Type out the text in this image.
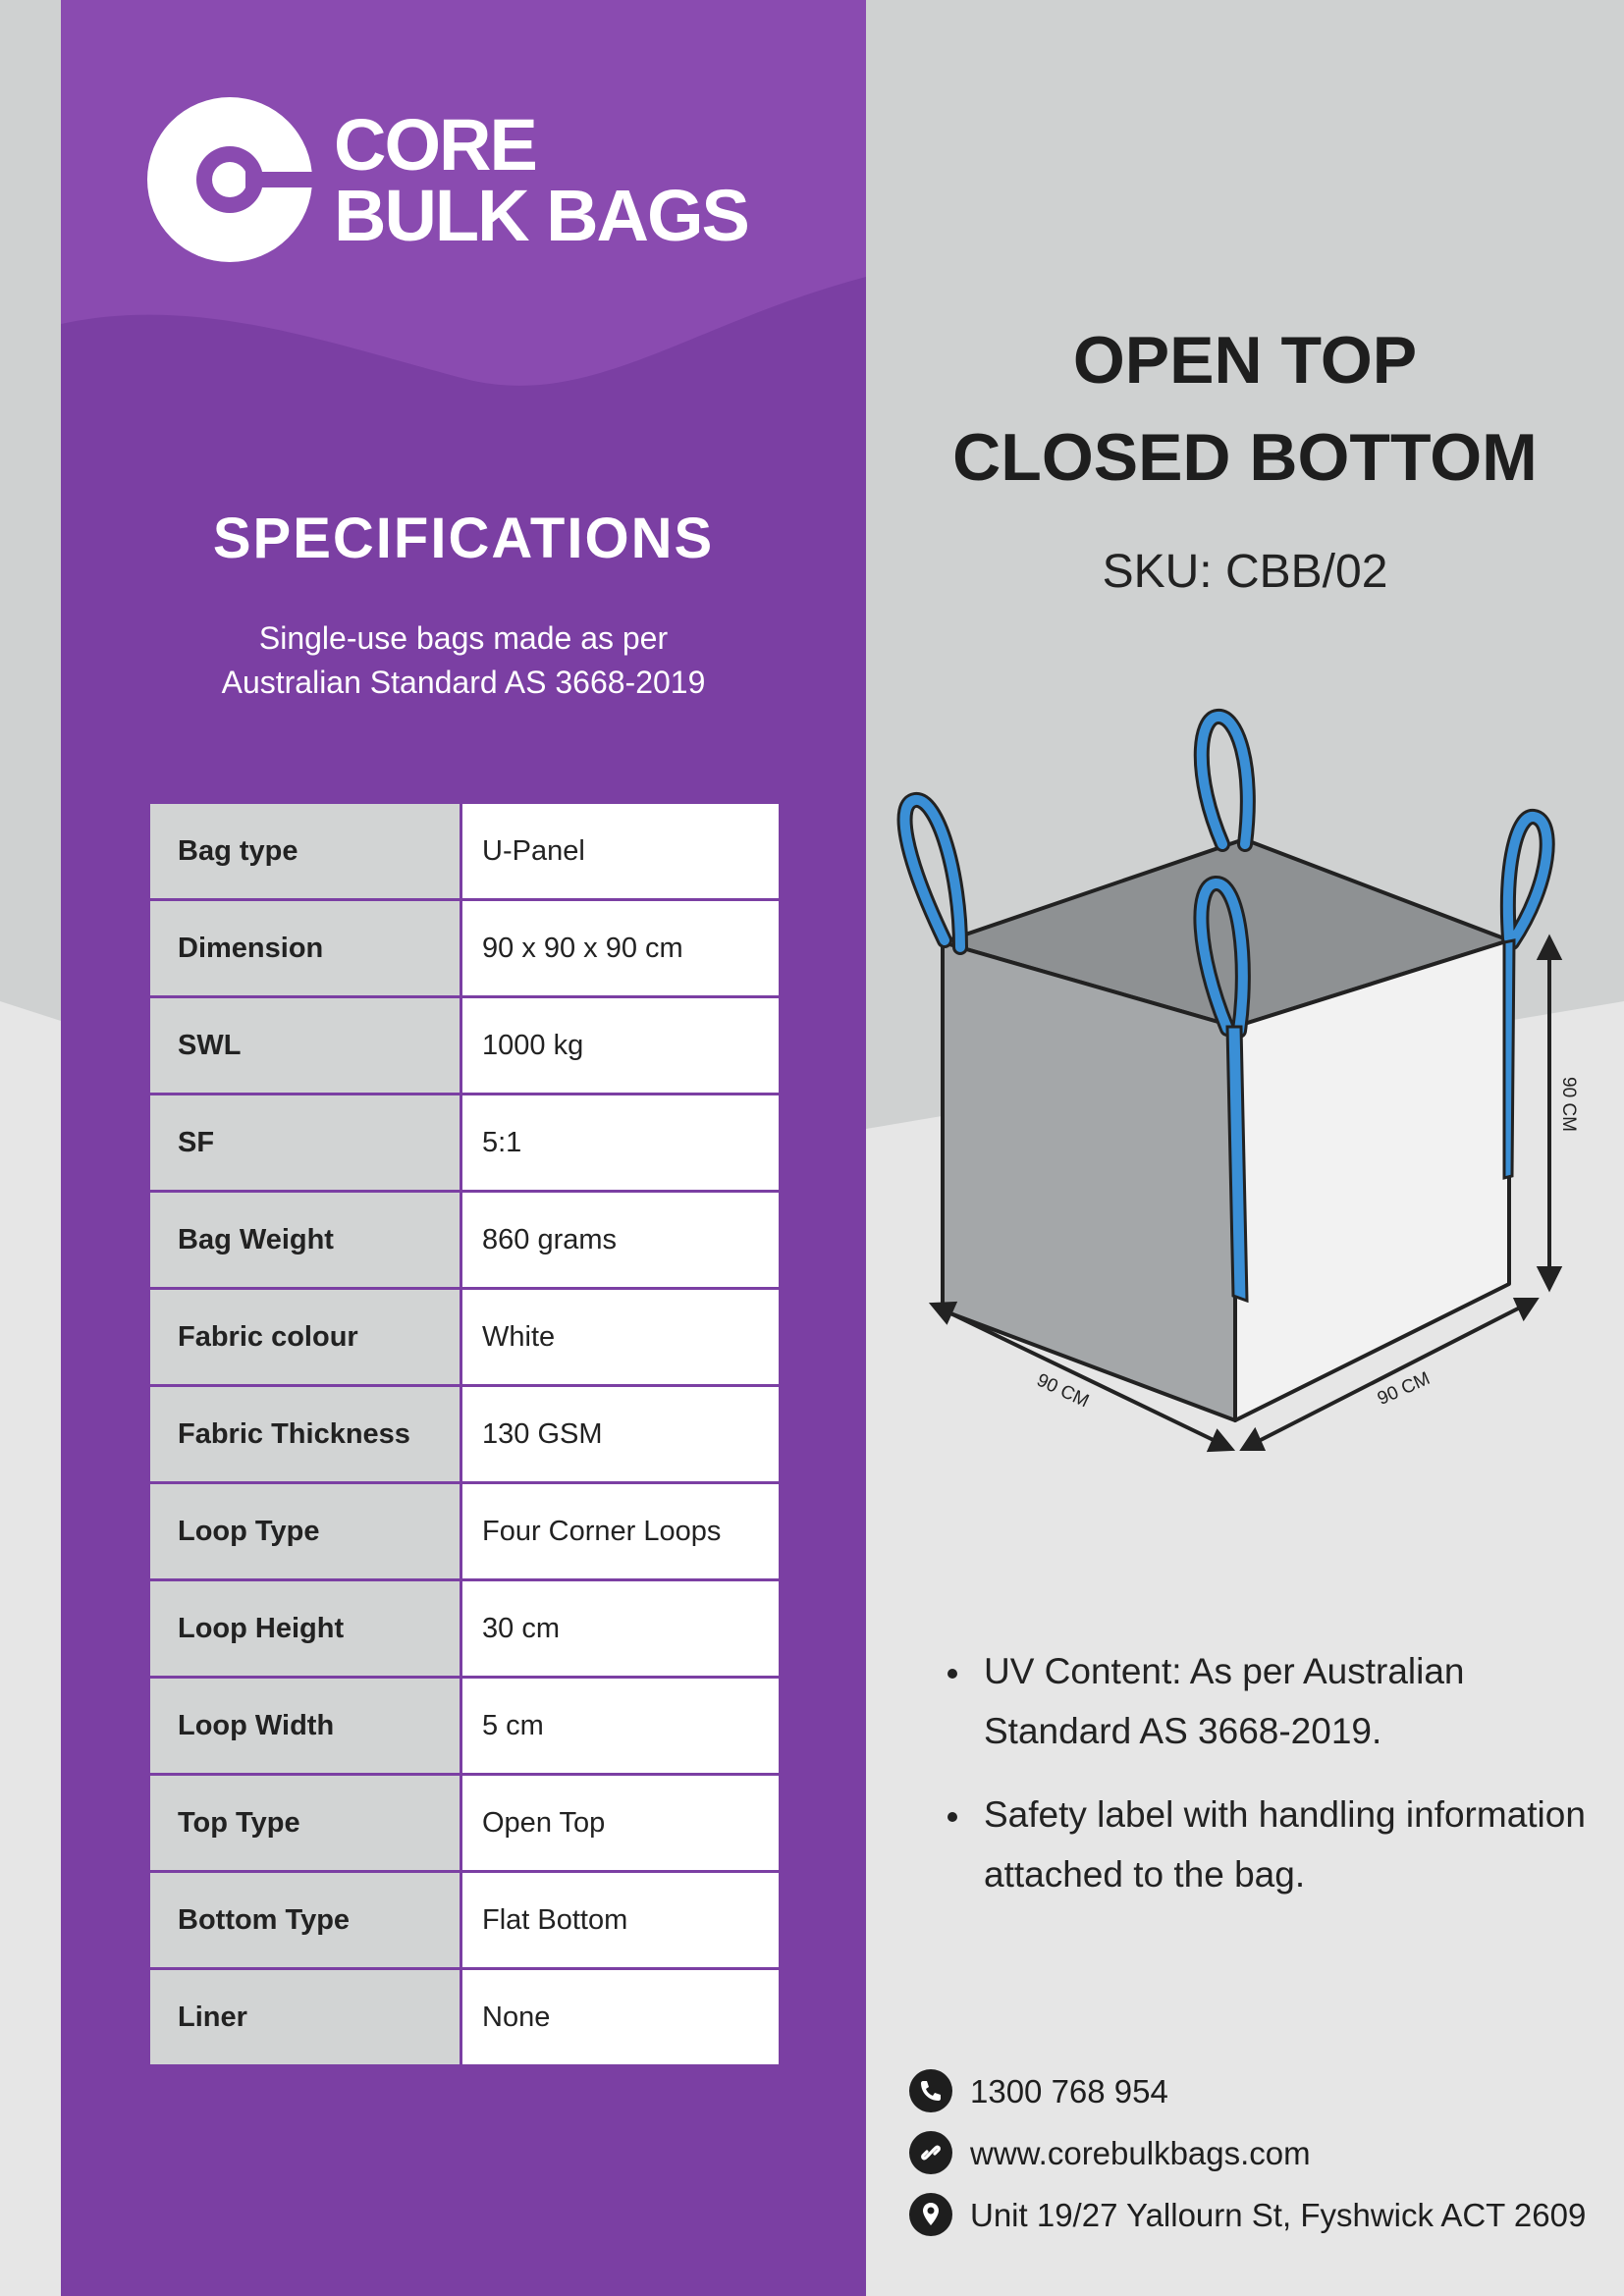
CORE
BULK BAGS
SPECIFICATIONS
Single-use bags made as per
Australian Standard AS 3668-2019
Bag type	U-Panel
Dimension	90 x 90 x 90 cm
SWL	1000 kg
SF	5:1
Bag Weight	860 grams
Fabric colour	White
Fabric Thickness	130 GSM
Loop Type	Four Corner Loops
Loop Height	30 cm
Loop Width	5 cm
Top Type	Open Top
Bottom Type	Flat Bottom
Liner	None
OPEN TOP
CLOSED BOTTOM
SKU: CBB/02
90 CM
90 CM	90 CM
UV Content: As per Australian Standard AS 3668-2019.
Safety label with handling information attached to the bag.
1300 768 954
www.corebulkbags.com
Unit 19/27 Yallourn St, Fyshwick ACT 2609
